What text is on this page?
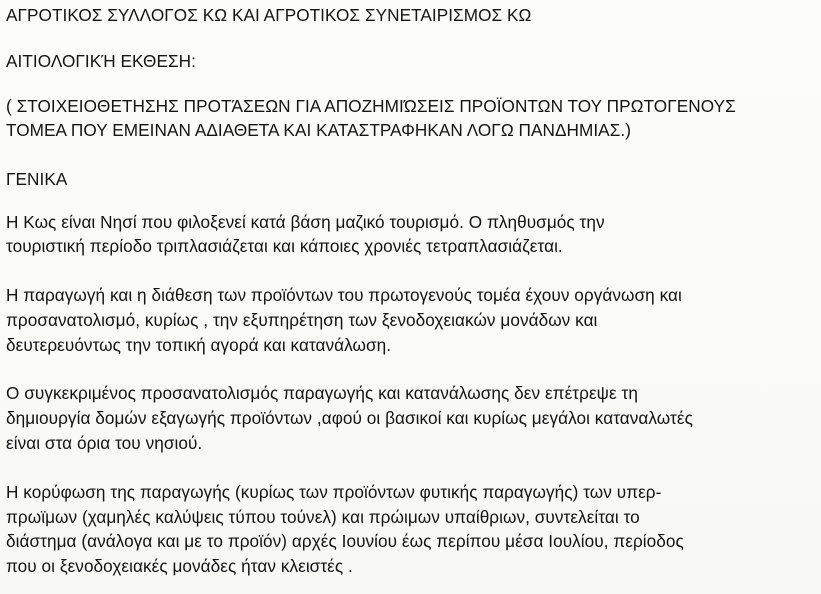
ΑΓΡΟΤΙΚΟΣ ΣΥΛΛΟΓΟΣ ΚΩ ΚΑΙ ΑΓΡΟΤΙΚΟΣ ΣΥΝΕΤΑΙΡΙΣΜΟΣ ΚΩ

ΑΙΤΙΟΛΟΓΙΚΉ ΕΚΘΕΣΗ:

( ΣΤΟΙΧΕΙΟΘΕΤΗΣΗΣ ΠΡΟΤΆΣΕΩΝ ΓΙΑ ΑΠΟΖΗΜΙΏΣΕΙΣ ΠΡΟΪΟΝΤΩΝ ΤΟΥ ΠΡΩΤΟΓΕΝΟΥΣ

ΤΟΜΕΑ ΠΟΥ ΕΜΕΙΝΑΝ ΑΔΙΑΘΕΤΑ ΚΑΙ ΚΑΤΑΣΤΡΑΦΗΚΑΝ ΛΟΓΩ ΠΑΝΔΗΜΙΑΣ.)

ΓΕΝΙΚΑ

Η Κως είναι Νησί που φιλοξενεί κατά βάση μαζικό τουρισμό. Ο πληθυσμός την

τουριστική περίοδο τριπλασιάζεται και κάποιες χρονιές τετραπλασιάζεται.

Η παραγωγή και η διάθεση των προϊόντων του πρωτογενούς τομέα έχουν οργάνωση και

προσανατολισμό, κυρίως , την εξυπηρέτηση των ξενοδοχειακών μονάδων και

δευτερευόντως την τοπική αγορά και κατανάλωση.

Ο συγκεκριμένος προσανατολισμός παραγωγής και κατανάλωσης δεν επέτρεψε τη

δημιουργία δομών εξαγωγής προϊόντων ,αφού οι βασικοί και κυρίως μεγάλοι καταναλωτές

είναι στα όρια του νησιού.

Η κορύφωση της παραγωγής (κυρίως των προϊόντων φυτικής παραγωγής) των υπερ-

πρωϊμων (χαμηλές καλύψεις τύπου τούνελ) και πρώιμων υπαίθριων, συντελείται το

διάστημα (ανάλογα και με το προϊόν) αρχές Ιουνίου έως περίπου μέσα Ιουλίου, περίοδος

που οι ξενοδοχειακές μονάδες ήταν κλειστές .
